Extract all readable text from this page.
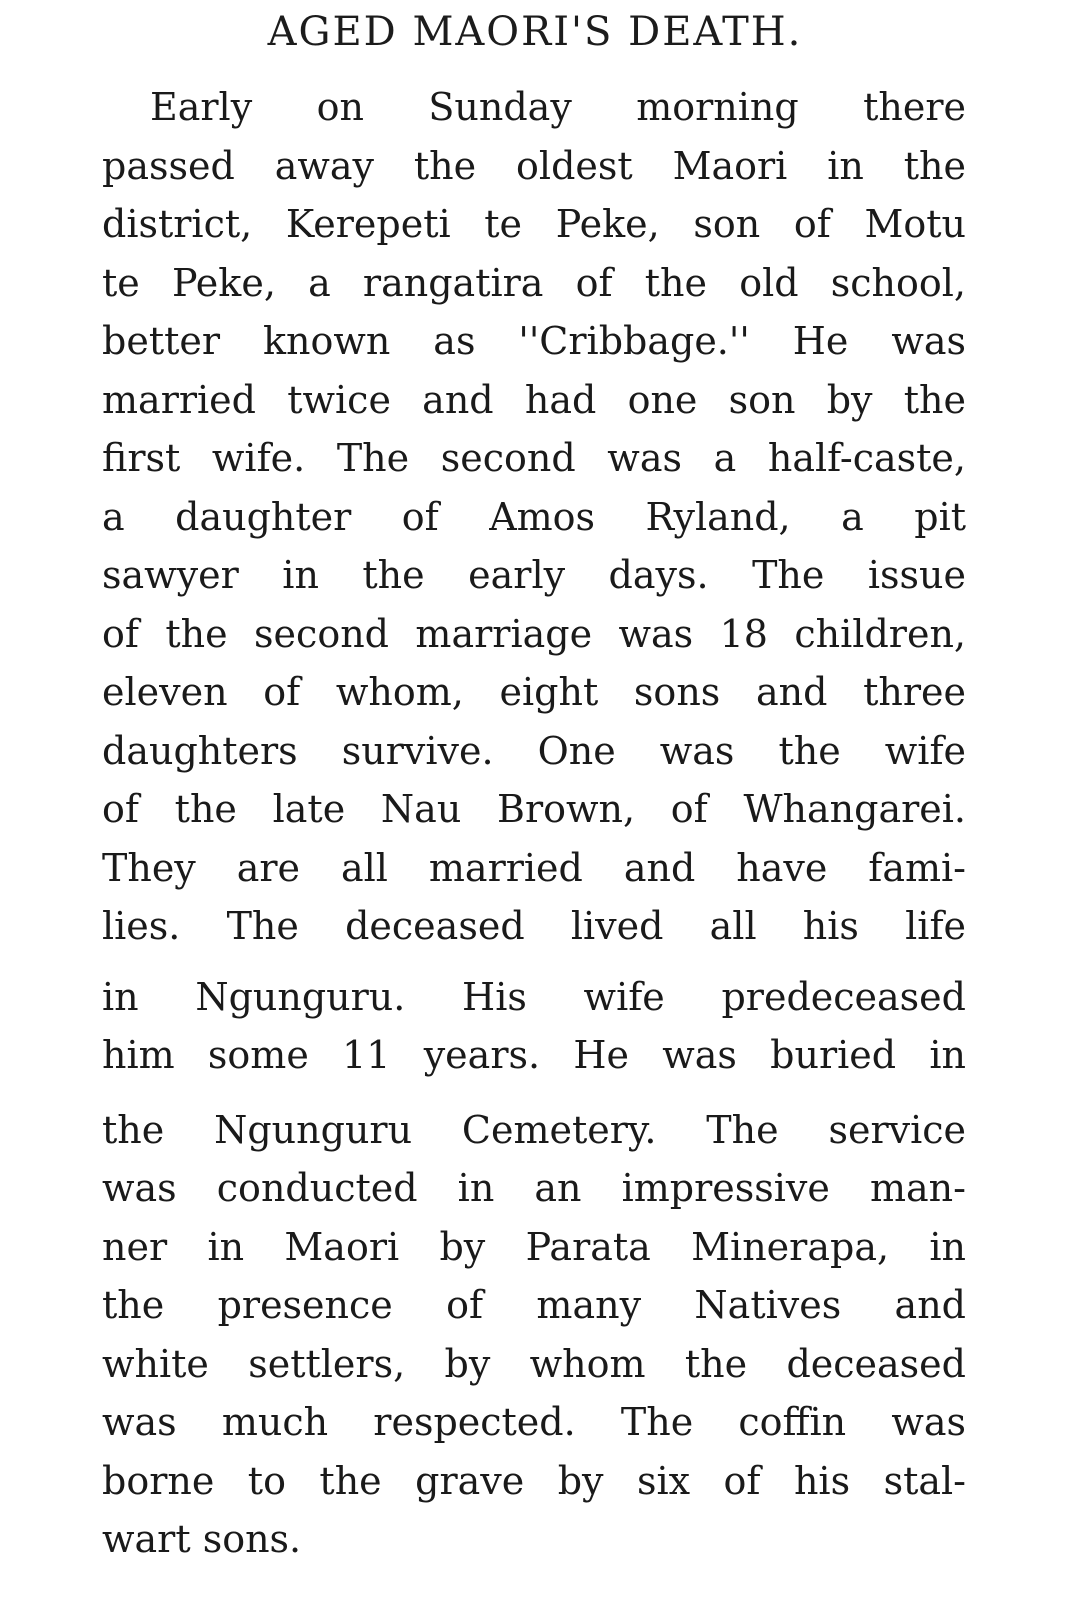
AGED MAORI'S DEATH.
Early on Sunday morning there
passed away the oldest Maori in the
district, Kerepeti te Peke, son of Motu
te Peke, a rangatira of the old school,
better known as ''Cribbage.'' He was
married twice and had one son by the
first wife. The second was a half-caste,
a daughter of Amos Ryland, a pit
sawyer in the early days. The issue
of the second marriage was 18 children,
eleven of whom, eight sons and three
daughters survive. One was the wife
of the late Nau Brown, of Whangarei.
They are all married and have fami-
lies. The deceased lived all his life
in Ngunguru. His wife predeceased
him some 11 years. He was buried in
the Ngunguru Cemetery. The service
was conducted in an impressive man-
ner in Maori by Parata Minerapa, in
the presence of many Natives and
white settlers, by whom the deceased
was much respected. The coffin was
borne to the grave by six of his stal-
wart sons.
